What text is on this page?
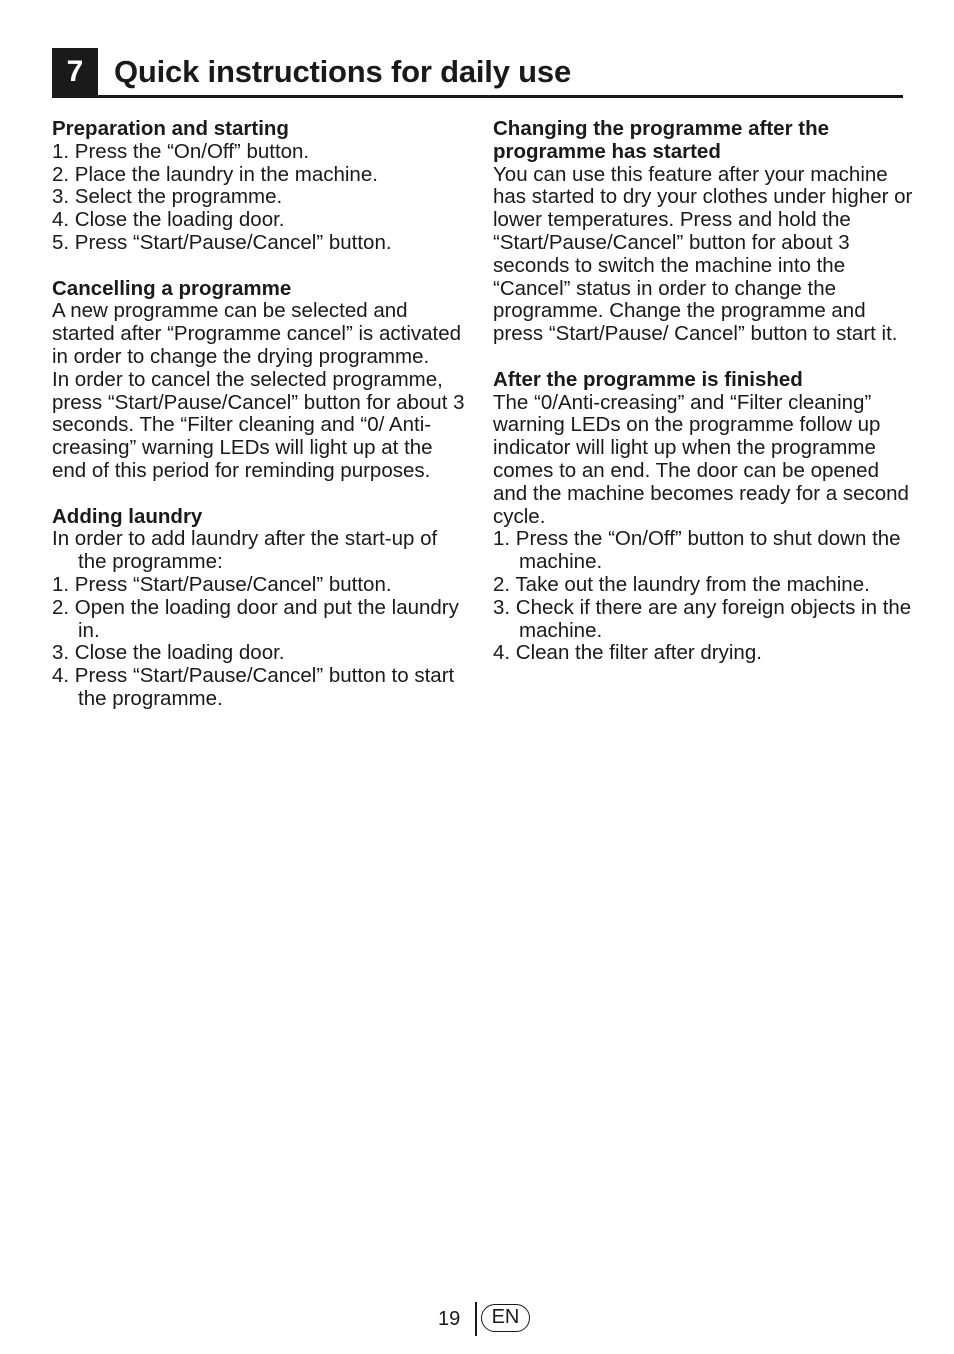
7 Quick instructions for daily use

Preparation and starting

1. Press the “On/Off” button.

2. Place the laundry in the machine.

3. Select the programme.

4. Close the loading door.

5. Press “Start/Pause/Cancel” button.

Cancelling a programme

A new programme can be selected and started after “Programme cancel” is activated in order to change the drying programme.

In order to cancel the selected programme, press “Start/Pause/Cancel” button for about 3 seconds. The “Filter cleaning and “0/ Anti-creasing” warning LEDs will light up at the end of this period for reminding purposes.

Adding laundry

In order to add laundry after the start-up of the programme:

1. Press “Start/Pause/Cancel” button.

2. Open the loading door and put the laundry in.

3. Close the loading door.

4. Press “Start/Pause/Cancel” button to start the programme.

Changing the programme after the programme has started

You can use this feature after your machine has started to dry your clothes under higher or lower temperatures. Press and hold the “Start/Pause/Cancel” button for about 3 seconds to switch the machine into the “Cancel” status in order to change the programme. Change the programme and press “Start/Pause/ Cancel” button to start it.

After the programme is finished

The “0/Anti-creasing” and “Filter cleaning” warning LEDs on the programme follow up indicator will light up when the programme comes to an end. The door can be opened and the machine becomes ready for a second cycle.

1. Press the “On/Off” button to shut down the machine.

2. Take out the laundry from the machine.

3. Check if there are any foreign objects in the machine.

4. Clean the filter after drying.

19	EN
